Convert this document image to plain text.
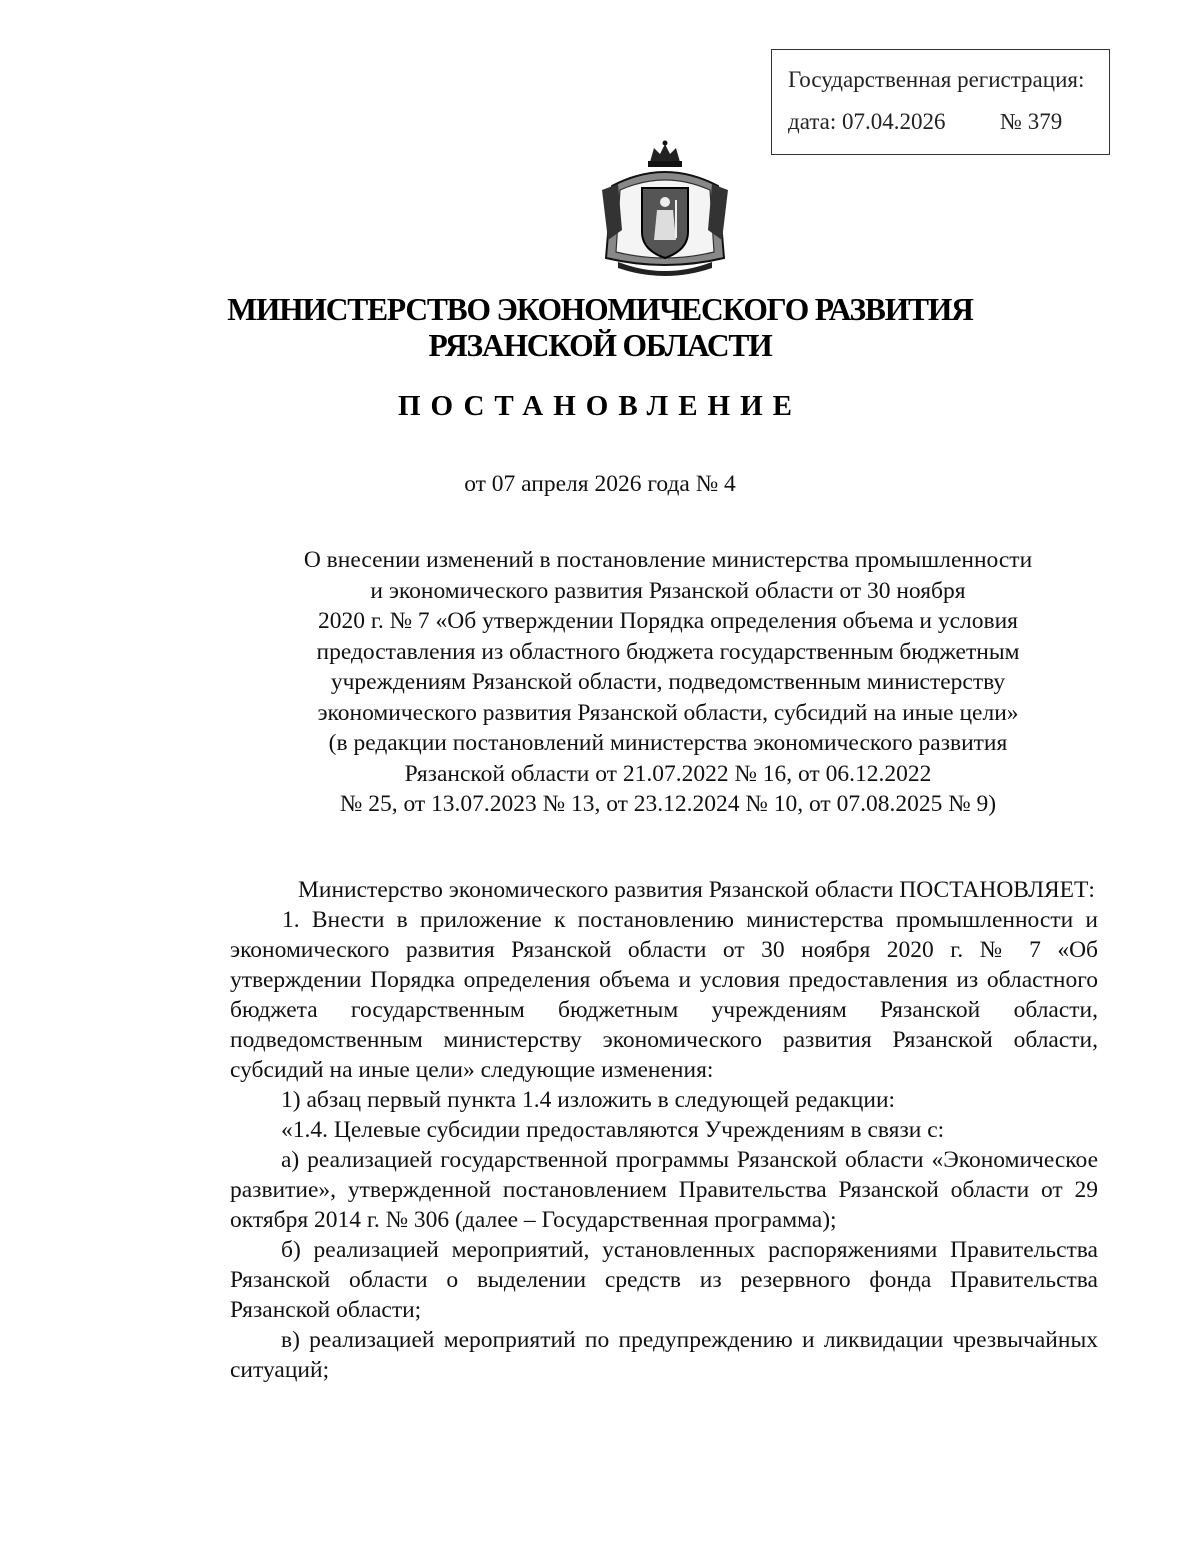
Государственная регистрация:
дата: 07.04.2026 № 379
МИНИСТЕРСТВО ЭКОНОМИЧЕСКОГО РАЗВИТИЯ
РЯЗАНСКОЙ ОБЛАСТИ
ПОСТАНОВЛЕНИЕ
от 07 апреля 2026 года № 4
О внесении изменений в постановление министерства промышленности
и экономического развития Рязанской области от 30 ноября
2020 г. № 7 «Об утверждении Порядка определения объема и условия
предоставления из областного бюджета государственным бюджетным
учреждениям Рязанской области, подведомственным министерству
экономического развития Рязанской области, субсидий на иные цели»
(в редакции постановлений министерства экономического развития
Рязанской области от 21.07.2022 № 16, от 06.12.2022
№ 25, от 13.07.2023 № 13, от 23.12.2024 № 10, от 07.08.2025 № 9)

Министерство экономического развития Рязанской области ПОСТАНОВЛЯЕТ:

1. Внести в приложение к постановлению министерства промышленности и экономического развития Рязанской области от 30 ноября 2020 г. № 7 «Об утверждении Порядка определения объема и условия предоставления из областного бюджета государственным бюджетным учреждениям Рязанской области, подведомственным министерству экономического развития Рязанской области, субсидий на иные цели» следующие изменения:

1) абзац первый пункта 1.4 изложить в следующей редакции:

«1.4. Целевые субсидии предоставляются Учреждениям в связи с:

а) реализацией государственной программы Рязанской области «Экономическое развитие», утвержденной постановлением Правительства Рязанской области от 29 октября 2014 г. № 306 (далее – Государственная программа);

б) реализацией мероприятий, установленных распоряжениями Правительства Рязанской области о выделении средств из резервного фонда Правительства Рязанской области;

в) реализацией мероприятий по предупреждению и ликвидации чрезвычайных ситуаций;
